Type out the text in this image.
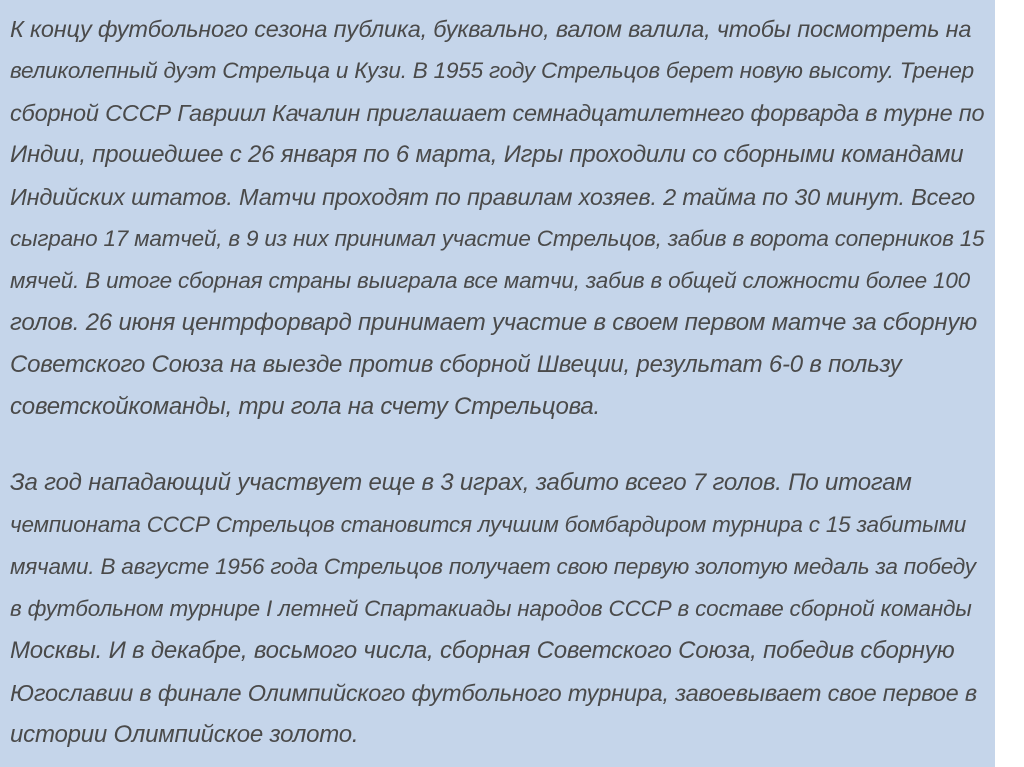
К концу футбольного сезона публика, буквально, валом валила, чтобы посмотреть на
великолепный дуэт Стрельца и Кузи. В 1955 году Стрельцов берет новую высоту. Тренер
сборной СССР Гавриил Качалин приглашает семнадцатилетнего форварда в турне по
Индии, прошедшее с 26 января по 6 марта, Игры проходили со сборными командами
Индийских штатов. Матчи проходят по правилам хозяев. 2 тайма по 30 минут. Всего
сыграно 17 матчей, в 9 из них принимал участие Стрельцов, забив в ворота соперников 15
мячей. В итоге сборная страны выиграла все матчи, забив в общей сложности более 100
голов. 26 июня центрфорвард принимает участие в своем первом матче за сборную
Советского Союза на выезде против сборной Швеции, результат 6-0 в пользу
советскойкоманды, три гола на счету Стрельцова.

За год нападающий участвует еще в 3 играх, забито всего 7 голов. По итогам
чемпионата СССР Стрельцов становится лучшим бомбардиром турнира с 15 забитыми
мячами. В августе 1956 года Стрельцов получает свою первую золотую медаль за победу
в футбольном турнире I летней Спартакиады народов СССР в составе сборной команды
Москвы. И в декабре, восьмого числа, сборная Советского Союза, победив сборную
Югославии в финале Олимпийского футбольного турнира, завоевывает свое первое в
истории Олимпийское золото.
